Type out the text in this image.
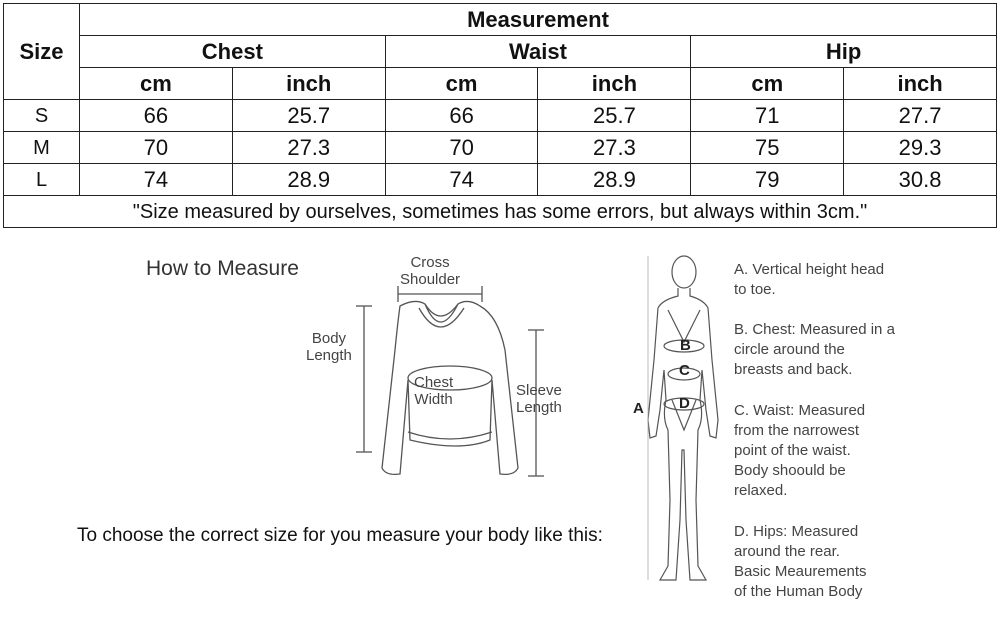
Size	Measurement					
	Chest		Waist		Hip	
	cm	inch	cm	inch	cm	inch
S	66	25.7	66	25.7	71	27.7
M	70	27.3	70	27.3	75	29.3
L	74	28.9	74	28.9	79	30.8
"Size measured by ourselves, sometimes has some errors, but always within 3cm."						
How to Measure	Cross
Shoulder
Body
Length
Chest
Width
Sleeve
Length
To choose the correct size for you measure your body like this:
B
C
D
A
A. Vertical height head
to toe.
B. Chest: Measured in a
circle around the
breasts and back.
C. Waist: Measured
from the narrowest
point of the waist.
Body shoould be
relaxed.
D. Hips: Measured
around the rear.
Basic Meaurements
of the Human Body
